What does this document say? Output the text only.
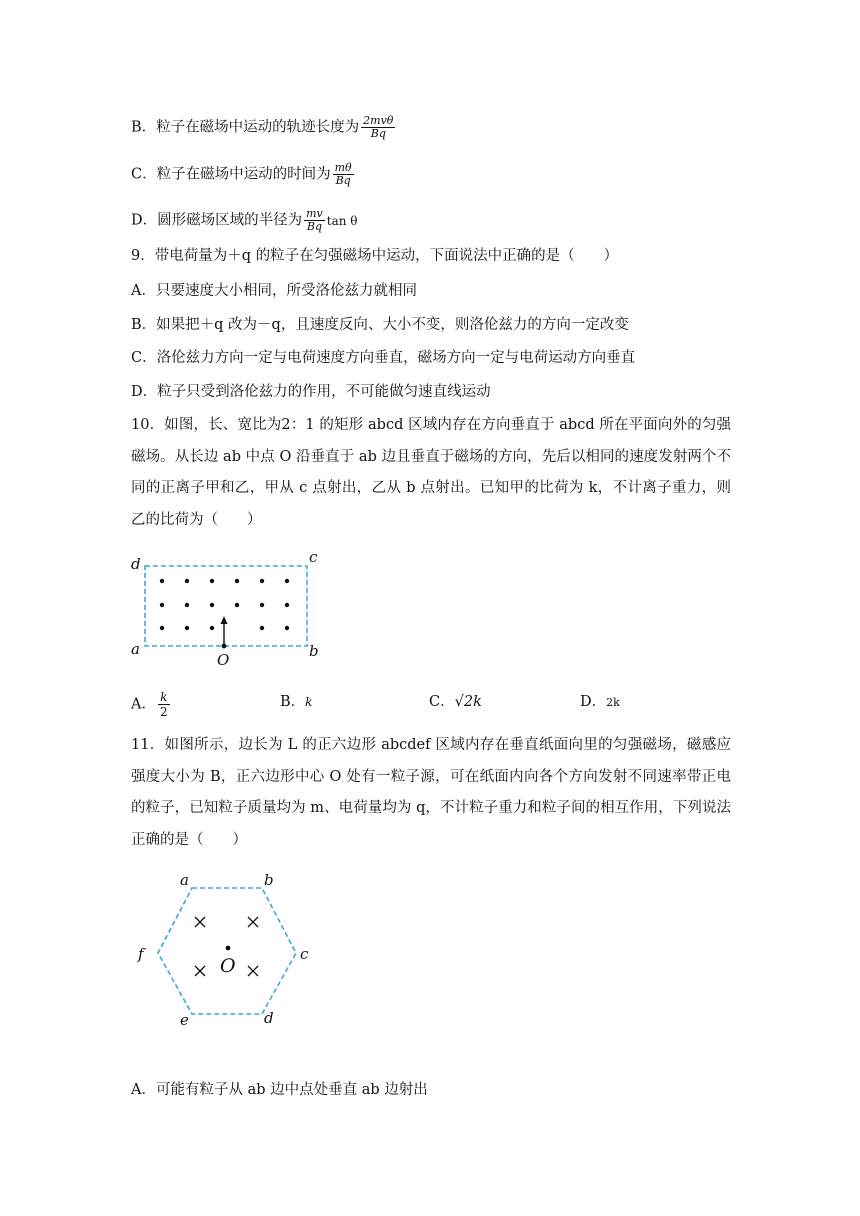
B．粒子在磁场中运动的轨迹长度为 $\frac{\text{2mvθ}}{Bq}$
C．粒子在磁场中运动的时间为 $\frac{m\theta}{Bq}$
D．圆形磁场区域的半径为 $\frac{mv}{Bq}$ tan θ
9．带电荷量为＋q 的粒子在匀强磁场中运动，下面说法中正确的是（　　）
A．只要速度大小相同，所受洛伦兹力就相同
B．如果把＋q 改为－q，且速度反向、大小不变，则洛伦兹力的方向一定改变
C．洛伦兹力方向一定与电荷速度方向垂直，磁场方向一定与电荷运动方向垂直
D．粒子只受到洛伦兹力的作用，不可能做匀速直线运动
10．如图，长、宽比为2：1 的矩形 abcd 区域内存在方向垂直于 abcd 所在平面向外的匀强磁场。从长边 ab 中点 O 沿垂直于 ab 边且垂直于磁场的方向，先后以相同的速度发射两个不同的正离子甲和乙，甲从 c 点射出，乙从 b 点射出。已知甲的比荷为 k，不计离子重力，则乙的比荷为（　　）
d	c
a	b
O
A． $\frac{k}{2}$	B．k	C．√2k	D．2k
11．如图所示，边长为 L 的正六边形 abcdef 区域内存在垂直纸面向里的匀强磁场，磁感应强度大小为 B，正六边形中心 O 处有一粒子源，可在纸面内向各个方向发射不同速率带正电的粒子，已知粒子质量均为 m、电荷量均为 q，不计粒子重力和粒子间的相互作用，下列说法正确的是（　　）
O
a	b
c
d
e
f
A．可能有粒子从 ab 边中点处垂直 ab 边射出
